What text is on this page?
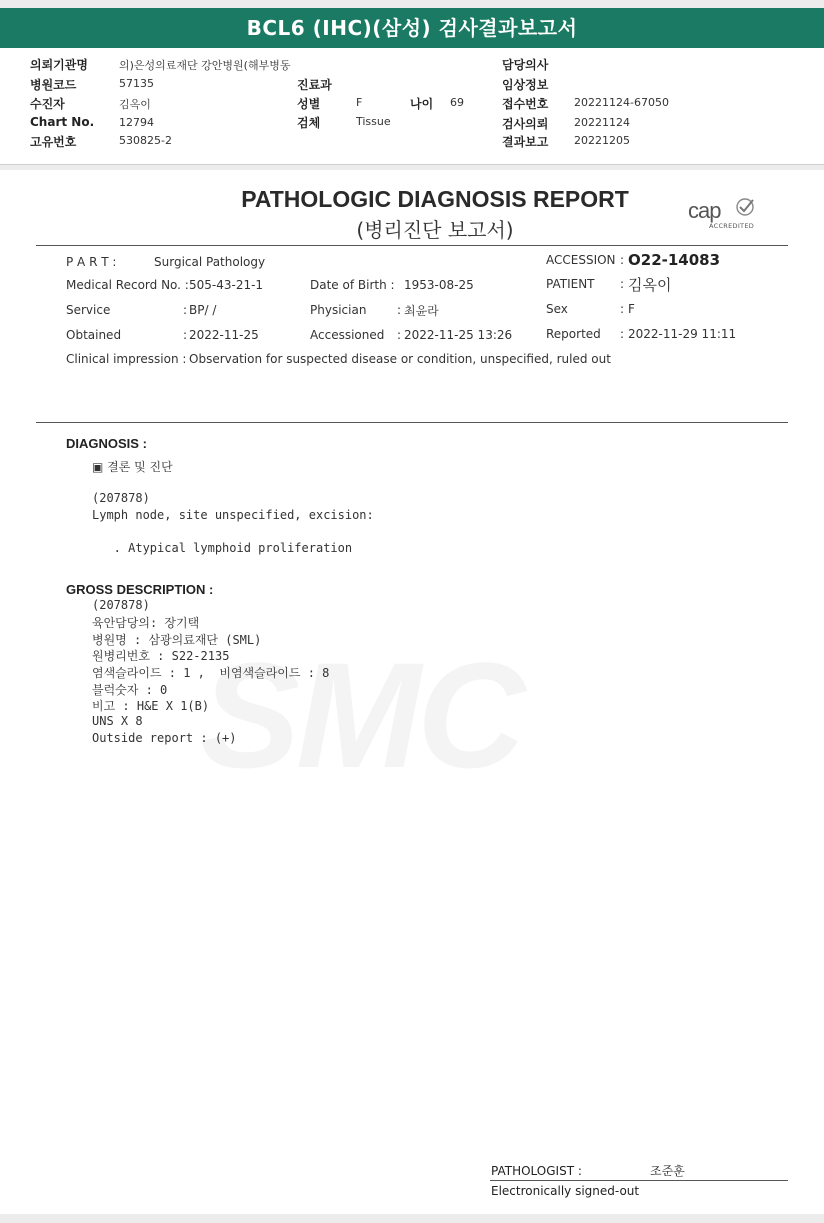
BCL6 (IHC)(삼성) 검사결과보고서
의뢰기관명	의)은성의료재단 강안병원(해부병동
병원코드	57135
수진자	김옥이
Chart No. 12794
고유번호	530825-2
진료과
성별	F	나이 69
검체	Tissue
담당의사
임상정보
접수번호 20221124-67050
검사의뢰 20221124
결과보고 20221205
PATHOLOGIC DIAGNOSIS REPORT
(병리진단 보고서)
cap
ACCREDITED
P A R T :	Surgical Pathology	ACCESSION : O22-14083
Medical Record No. : 505-43-21-1	Date of Birth : 1953-08-25	PATIENT : 김옥이
Service	: BP/ /	Physician	: 최윤라	Sex	: F
Obtained	: 2022-11-25	Accessioned : 2022-11-25 13:26	Reported : 2022-11-29 11:11
Clinical impression : Observation for suspected disease or condition, unspecified, ruled out
DIAGNOSIS :
▣ 결론 및 진단
(207878)
Lymph node, site unspecified, excision:
. Atypical lymphoid proliferation
GROSS DESCRIPTION :
(207878)
육안담당의: 장기택
병원명 : 삼광의료재단 (SML)
원병리번호 : S22-2135
염색슬라이드 : 1 ,  비염색슬라이드 : 8
블럭숫자 : 0
비고 : H&E X 1(B)
UNS X 8
Outside report : (+)
PATHOLOGIST :	조준훈
Electronically signed-out
